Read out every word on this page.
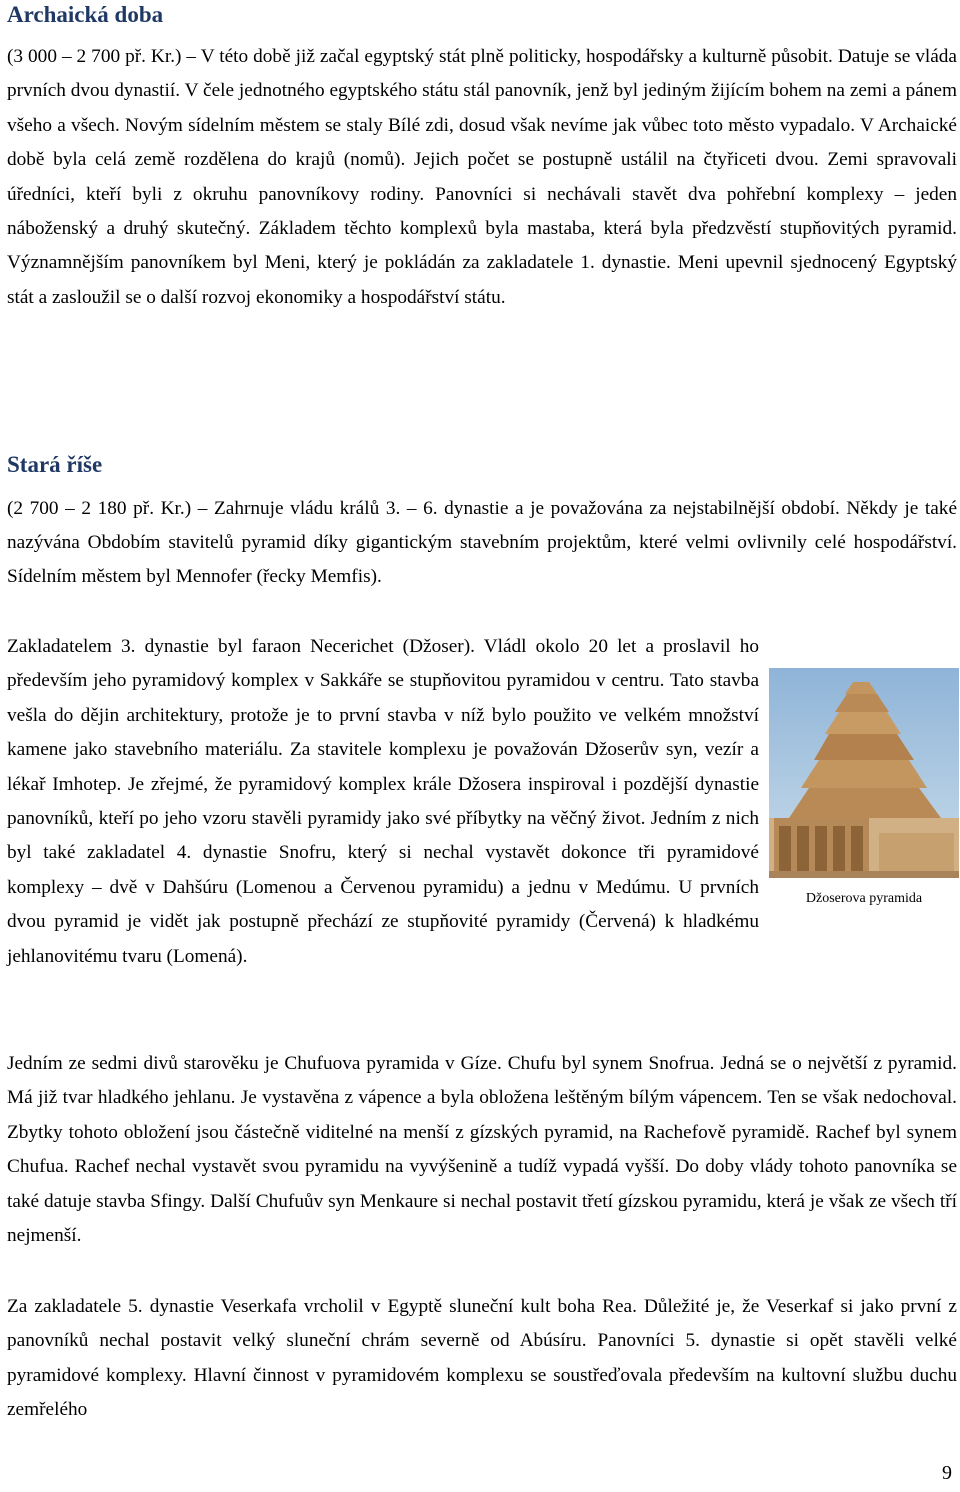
Archaická doba

(3 000 – 2 700 př. Kr.) – V této době již začal egyptský stát plně politicky, hospodářsky a kulturně působit. Datuje se vláda prvních dvou dynastií. V čele jednotného egyptského státu stál panovník, jenž byl jediným žijícím bohem na zemi a pánem všeho a všech. Novým sídelním městem se staly Bílé zdi, dosud však nevíme jak vůbec toto město vypadalo. V Archaické době byla celá země rozdělena do krajů (nomů). Jejich počet se postupně ustálil na čtyřiceti dvou. Zemi spravovali úředníci, kteří byli z okruhu panovníkovy rodiny. Panovníci si nechávali stavět dva pohřební komplexy – jeden náboženský a druhý skutečný. Základem těchto komplexů byla mastaba, která byla předzvěstí stupňovitých pyramid. Významnějším panovníkem byl Meni, který je pokládán za zakladatele 1. dynastie. Meni upevnil sjednocený Egyptský stát a zasloužil se o další rozvoj ekonomiky a hospodářství státu.

Stará říše

(2 700 – 2 180 př. Kr.) – Zahrnuje vládu králů 3. – 6. dynastie a je považována za nejstabilnější období. Někdy je také nazývána Obdobím stavitelů pyramid díky gigantickým stavebním projektům, které velmi ovlivnily celé hospodářství. Sídelním městem byl Mennofer (řecky Memfis).

Džoserova pyramida

Zakladatelem 3. dynastie byl faraon Necerichet (Džoser). Vládl okolo 20 let a proslavil ho především jeho pyramidový komplex v Sakkáře se stupňovitou pyramidou v centru. Tato stavba vešla do dějin architektury, protože je to první stavba v níž bylo použito ve velkém množství kamene jako stavebního materiálu. Za stavitele komplexu je považován Džoserův syn, vezír a lékař Imhotep. Je zřejmé, že pyramidový komplex krále Džosera inspiroval i pozdější dynastie panovníků, kteří po jeho vzoru stavěli pyramidy jako své příbytky na věčný život. Jedním z nich byl také zakladatel 4. dynastie Snofru, který si nechal vystavět dokonce tři pyramidové komplexy – dvě v Dahšúru (Lomenou a Červenou pyramidu) a jednu v Medúmu. U prvních dvou pyramid je vidět jak postupně přechází ze stupňovité pyramidy (Červená) k hladkému jehlanovitému tvaru (Lomená).

Jedním ze sedmi divů starověku je Chufuova pyramida v Gíze. Chufu byl synem Snofrua. Jedná se o největší z pyramid. Má již tvar hladkého jehlanu. Je vystavěna z vápence a byla obložena leštěným bílým vápencem. Ten se však nedochoval. Zbytky tohoto obložení jsou částečně viditelné na menší z gízských pyramid, na Rachefově pyramidě. Rachef byl synem Chufua. Rachef nechal vystavět svou pyramidu na vyvýšenině a tudíž vypadá vyšší. Do doby vlády tohoto panovníka se také datuje stavba Sfingy. Další Chufuův syn Menkaure si nechal postavit třetí gízskou pyramidu, která je však ze všech tří nejmenší.

Za zakladatele 5. dynastie Veserkafa vrcholil v Egyptě sluneční kult boha Rea. Důležité je, že Veserkaf si jako první z panovníků nechal postavit velký sluneční chrám severně od Abúsíru. Panovníci 5. dynastie si opět stavěli velké pyramidové komplexy. Hlavní činnost v pyramidovém komplexu se soustřeďovala především na kultovní službu duchu zemřelého

9
